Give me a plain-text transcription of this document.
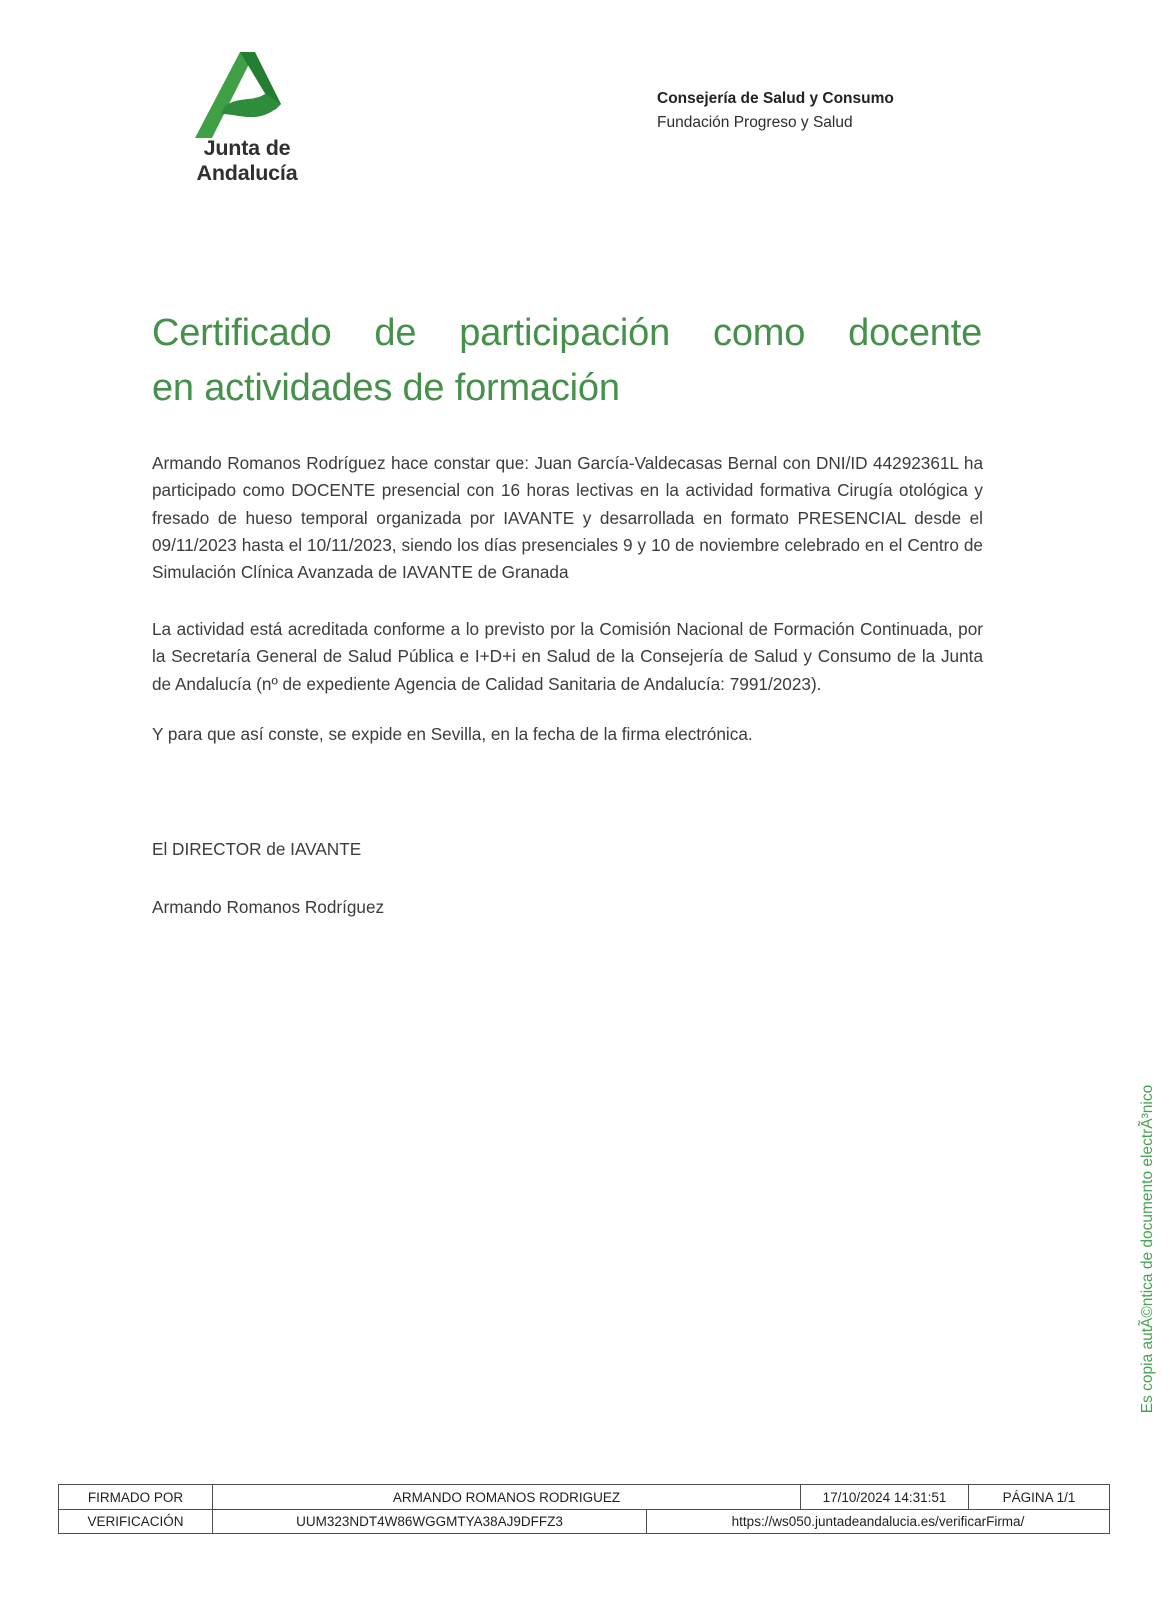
Junta de Andalucía
Consejería de Salud y Consumo
Fundación Progreso y Salud
Certificado de participación como docente
en actividades de formación
Armando Romanos Rodríguez hace constar que: Juan García-Valdecasas Bernal con DNI/ID 44292361L ha participado como DOCENTE presencial con 16 horas lectivas en la actividad formativa Cirugía otológica y fresado de hueso temporal organizada por IAVANTE y desarrollada en formato PRESENCIAL desde el 09/11/2023 hasta el 10/11/2023, siendo los días presenciales 9 y 10 de noviembre celebrado en el Centro de Simulación Clínica Avanzada de IAVANTE de Granada
La actividad está acreditada conforme a lo previsto por la Comisión Nacional de Formación Continuada, por la Secretaría General de Salud Pública e I+D+i en Salud de la Consejería de Salud y Consumo de la Junta de Andalucía (nº de expediente Agencia de Calidad Sanitaria de Andalucía: 7991/2023).
Y para que así conste, se expide en Sevilla, en la fecha de la firma electrónica.
El DIRECTOR de IAVANTE
Armando Romanos Rodríguez
Es copia autÃ©ntica de documento electrÃ³nico
FIRMADO POR	ARMANDO ROMANOS RODRIGUEZ	17/10/2024 14:31:51	PÁGINA 1/1
VERIFICACIÓN	UUM323NDT4W86WGGMTYA38AJ9DFFZ3	https://ws050.juntadeandalucia.es/verificarFirma/
